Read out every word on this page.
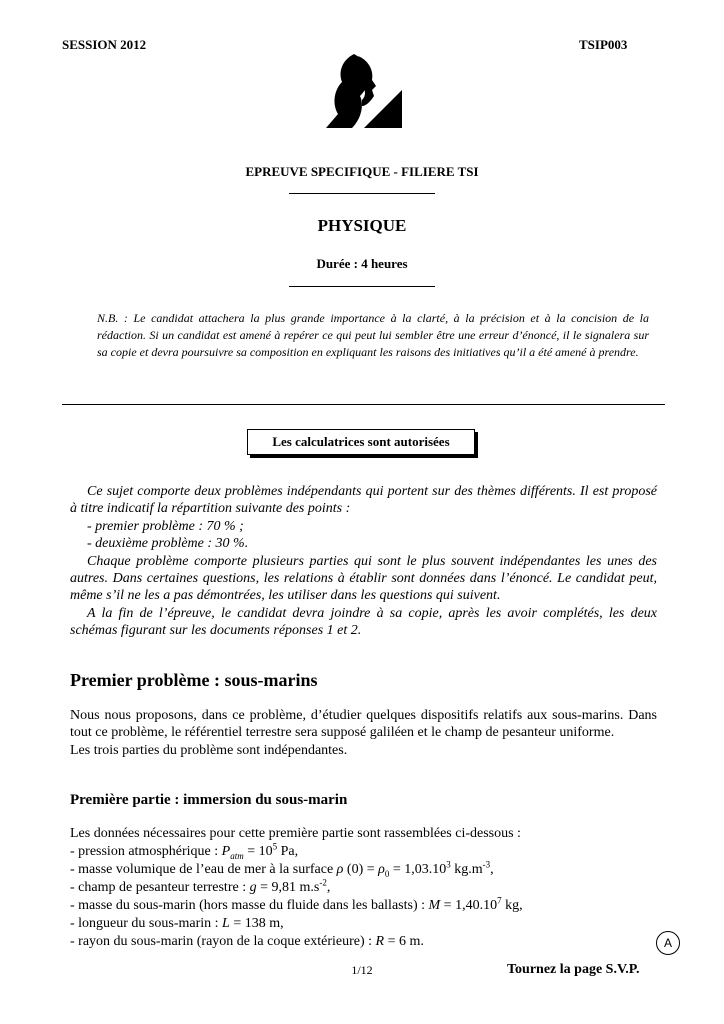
SESSION 2012	TSIP003
EPREUVE SPECIFIQUE - FILIERE TSI
PHYSIQUE
Durée : 4 heures
N.B. : Le candidat attachera la plus grande importance à la clarté, à la précision et à la concision de la rédaction. Si un candidat est amené à repérer ce qui peut lui sembler être une erreur d’énoncé, il le signalera sur sa copie et devra poursuivre sa composition en expliquant les raisons des initiatives qu’il a été amené à prendre.
Les calculatrices sont autorisées

Ce sujet comporte deux problèmes indépendants qui portent sur des thèmes différents. Il est proposé à titre indicatif la répartition suivante des points :

- premier problème : 70 % ;

- deuxième problème : 30 %.

Chaque problème comporte plusieurs parties qui sont le plus souvent indépendantes les unes des autres. Dans certaines questions, les relations à établir sont données dans l’énoncé. Le candidat peut, même s’il ne les a pas démontrées, les utiliser dans les questions qui suivent.

A la fin de l’épreuve, le candidat devra joindre à sa copie, après les avoir complétés, les deux schémas figurant sur les documents réponses 1 et 2.

Premier problème : sous-marins

Nous nous proposons, dans ce problème, d’étudier quelques dispositifs relatifs aux sous-marins. Dans tout ce problème, le référentiel terrestre sera supposé galiléen et le champ de pesanteur uniforme.

Les trois parties du problème sont indépendantes.

Première partie : immersion du sous-marin
Les données nécessaires pour cette première partie sont rassemblées ci-dessous :
- pression atmosphérique : $P_{atm} = 10^5$ Pa,
- masse volumique de l’eau de mer à la surface ρ $(0) = \rho_0 = 1,03.10^3$ $kg.m^{-3}$,
- champ de pesanteur terrestre : g = 9,81 $m.s^{-2}$,
- masse du sous-marin (hors masse du fluide dans les ballasts) : $M = 1,40.10^7$ kg,
- longueur du sous-marin : L = 138 m,
- rayon du sous-marin (rayon de la coque extérieure) : R = 6 m.	A
1/12	Tournez la page S.V.P.
